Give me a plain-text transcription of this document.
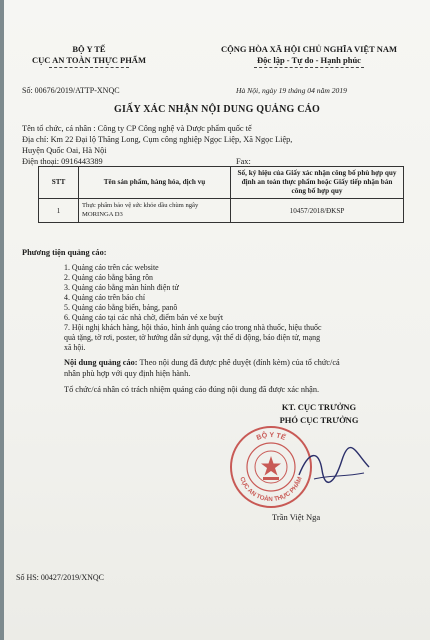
BỘ Y TẾ
CỤC AN TOÀN THỰC PHẨM
CỘNG HÒA XÃ HỘI CHỦ NGHĨA VIỆT NAM
Độc lập - Tự do - Hạnh phúc
Số: 00676/2019/ATTP-XNQC	Hà Nội, ngày 19 tháng 04 năm 2019
GIẤY XÁC NHẬN NỘI DUNG QUẢNG CÁO
Tên tổ chức, cá nhân : Công ty CP Công nghệ và Dược phẩm quốc tế
Địa chỉ: Km 22 Đại lộ Thăng Long, Cụm công nghiệp Ngọc Liệp, Xã Ngọc Liệp,
Huyện Quốc Oai, Hà Nội
Điện thoại: 0916443389	Fax:
STT	Tên sản phẩm, hàng hóa, dịch vụ	Số, ký hiệu của Giấy xác nhận công bố phù hợp quy định an toàn thực phẩm hoặc Giấy tiếp nhận bản công bố hợp quy
1	Thực phẩm bảo vệ sức khỏe dầu chùm ngây MORINGA D3	10457/2018/ĐKSP
Phương tiện quảng cáo:
1. Quảng cáo trên các website
2. Quảng cáo bằng băng rôn
3. Quảng cáo bằng màn hình điện tử
4. Quảng cáo trên báo chí
5. Quảng cáo bằng biển, bảng, panô
6. Quảng cáo tại các nhà chờ, điểm bán vé xe buýt
7. Hội nghị khách hàng, hội thảo, hình ảnh quảng cáo trong nhà thuốc, hiệu thuốc
quà tặng, tờ rơi, poster, tờ hướng dẫn sử dụng, vật thể di động, báo điện tử, mạng
xã hội.
Nội dung quảng cáo: Theo nội dung đã được phê duyệt (đính kèm) của tổ chức/cá
nhân phù hợp với quy định hiện hành.
Tổ chức/cá nhân có trách nhiệm quảng cáo đúng nội dung đã được xác nhận.
KT. CỤC TRƯỞNG
PHÓ CỤC TRƯỞNG
BỘ Y TẾ
CỤC AN TOÀN THỰC PHẨM
Trần Việt Nga
Số HS: 00427/2019/XNQC
